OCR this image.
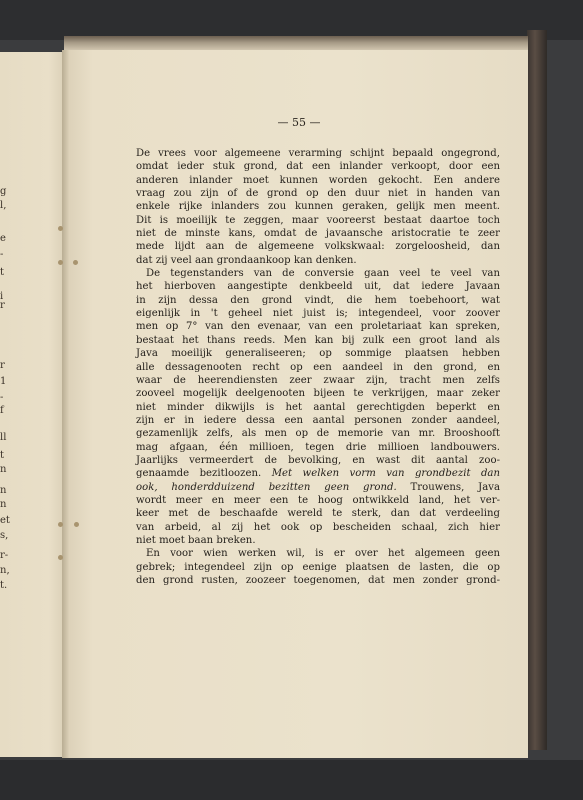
g
l,
e
-
t
i
r
r
1
-
f
ll
t
n
n
n
et
s,
r-
n,
t.
— 55 —
De vrees voor algemeene verarming schijnt bepaald ongegrond,
omdat ieder stuk grond, dat een inlander verkoopt, door een
anderen inlander moet kunnen worden gekocht. Een andere
vraag zou zijn of de grond op den duur niet in handen van
enkele rijke inlanders zou kunnen geraken, gelijk men meent.
Dit is moeilijk te zeggen, maar vooreerst bestaat daartoe toch
niet de minste kans, omdat de javaansche aristocratie te zeer
mede lijdt aan de algemeene volkskwaal: zorgeloosheid, dan
dat zij veel aan grondaankoop kan denken.
De tegenstanders van de conversie gaan veel te veel van
het hierboven aangestipte denkbeeld uit, dat iedere Javaan
in zijn dessa den grond vindt, die hem toebehoort, wat
eigenlijk in 't geheel niet juist is; integendeel, voor zoover
men op 7° van den evenaar, van een proletariaat kan spreken,
bestaat het thans reeds. Men kan bij zulk een groot land als
Java moeilijk generaliseeren; op sommige plaatsen hebben
alle dessagenooten recht op een aandeel in den grond, en
waar de heerendiensten zeer zwaar zijn, tracht men zelfs
zooveel mogelijk deelgenooten bijeen te verkrijgen, maar zeker
niet minder dikwijls is het aantal gerechtigden beperkt en
zijn er in iedere dessa een aantal personen zonder aandeel,
gezamenlijk zelfs, als men op de memorie van mr. Brooshooft
mag afgaan, één millioen, tegen drie millioen landbouwers.
Jaarlijks vermeerdert de bevolking, en wast dit aantal zoo-
genaamde bezitloozen. Met welken vorm van grondbezit dan
ook, honderdduizend bezitten geen grond. Trouwens, Java
wordt meer en meer een te hoog ontwikkeld land, het ver-
keer met de beschaafde wereld te sterk, dan dat verdeeling
van arbeid, al zij het ook op bescheiden schaal, zich hier
niet moet baan breken.
En voor wien werken wil, is er over het algemeen geen
gebrek; integendeel zijn op eenige plaatsen de lasten, die op
den grond rusten, zoozeer toegenomen, dat men zonder grond-
